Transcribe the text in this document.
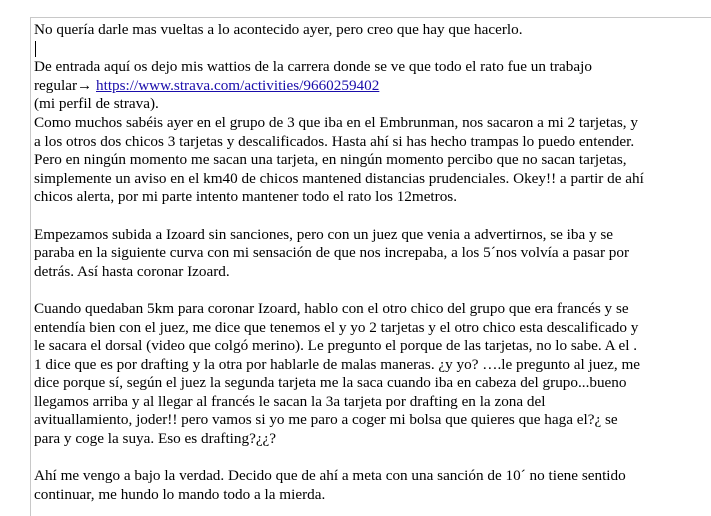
No quería darle mas vueltas a lo acontecido ayer, pero creo que hay que hacerlo.
De entrada aquí os dejo mis wattios de la carrera donde se ve que todo el rato fue un trabajo
regular→ https://www.strava.com/activities/9660259402
(mi perfil de strava).
Como muchos sabéis ayer en el grupo de 3 que iba en el Embrunman, nos sacaron a mi 2 tarjetas, y
a los otros dos chicos 3 tarjetas y descalificados. Hasta ahí si has hecho trampas lo puedo entender.
Pero en ningún momento me sacan una tarjeta, en ningún momento percibo que no sacan tarjetas,
simplemente un aviso en el km40 de chicos mantened distancias prudenciales. Okey!! a partir de ahí
chicos alerta, por mi parte intento mantener todo el rato los 12metros.
Empezamos subida a Izoard sin sanciones, pero con un juez que venia a advertirnos, se iba y se
paraba en la siguiente curva con mi sensación de que nos increpaba, a los 5´nos volvía a pasar por
detrás. Así hasta coronar Izoard.
Cuando quedaban 5km para coronar Izoard, hablo con el otro chico del grupo que era francés y se
entendía bien con el juez, me dice que tenemos el y yo 2 tarjetas y el otro chico esta descalificado y
le sacara el dorsal (video que colgó merino). Le pregunto el porque de las tarjetas, no lo sabe. A el .
1 dice que es por drafting y la otra por hablarle de malas maneras. ¿y yo? ….le pregunto al juez, me
dice porque sí, según el juez la segunda tarjeta me la saca cuando iba en cabeza del grupo...bueno
llegamos arriba y al llegar al francés le sacan la 3a tarjeta por drafting en la zona del
avituallamiento, joder!! pero vamos si yo me paro a coger mi bolsa que quieres que haga el?¿ se
para y coge la suya. Eso es drafting?¿¿?
Ahí me vengo a bajo la verdad. Decido que de ahí a meta con una sanción de 10´ no tiene sentido
continuar, me hundo lo mando todo a la mierda.
